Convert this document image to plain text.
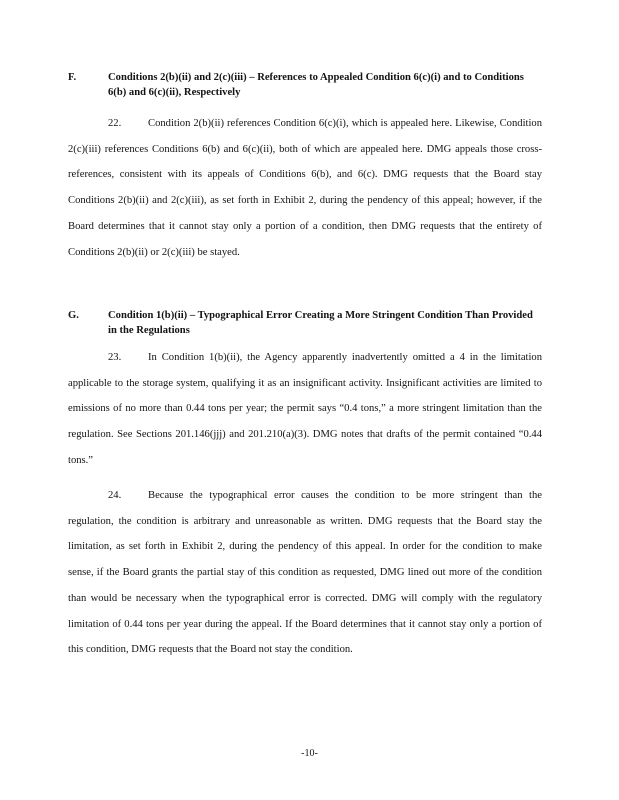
F.	Conditions 2(b)(ii) and 2(c)(iii) – References to Appealed Condition 6(c)(i) and to Conditions 6(b) and 6(c)(ii), Respectively

22.	Condition 2(b)(ii) references Condition 6(c)(i), which is appealed here. Likewise, Condition 2(c)(iii) references Conditions 6(b) and 6(c)(ii), both of which are appealed here. DMG appeals those cross-references, consistent with its appeals of Conditions 6(b), and 6(c). DMG requests that the Board stay Conditions 2(b)(ii) and 2(c)(iii), as set forth in Exhibit 2, during the pendency of this appeal; however, if the Board determines that it cannot stay only a portion of a condition, then DMG requests that the entirety of Conditions 2(b)(ii) or 2(c)(iii) be stayed.

G.	Condition 1(b)(ii) – Typographical Error Creating a More Stringent Condition Than Provided in the Regulations

23.	In Condition 1(b)(ii), the Agency apparently inadvertently omitted a 4 in the limitation applicable to the storage system, qualifying it as an insignificant activity. Insignificant activities are limited to emissions of no more than 0.44 tons per year; the permit says “0.4 tons,” a more stringent limitation than the regulation. See Sections 201.146(jjj) and 201.210(a)(3). DMG notes that drafts of the permit contained “0.44 tons.”

24.	Because the typographical error causes the condition to be more stringent than the regulation, the condition is arbitrary and unreasonable as written. DMG requests that the Board stay the limitation, as set forth in Exhibit 2, during the pendency of this appeal. In order for the condition to make sense, if the Board grants the partial stay of this condition as requested, DMG lined out more of the condition than would be necessary when the typographical error is corrected. DMG will comply with the regulatory limitation of 0.44 tons per year during the appeal. If the Board determines that it cannot stay only a portion of this condition, DMG requests that the Board not stay the condition.

-10-
